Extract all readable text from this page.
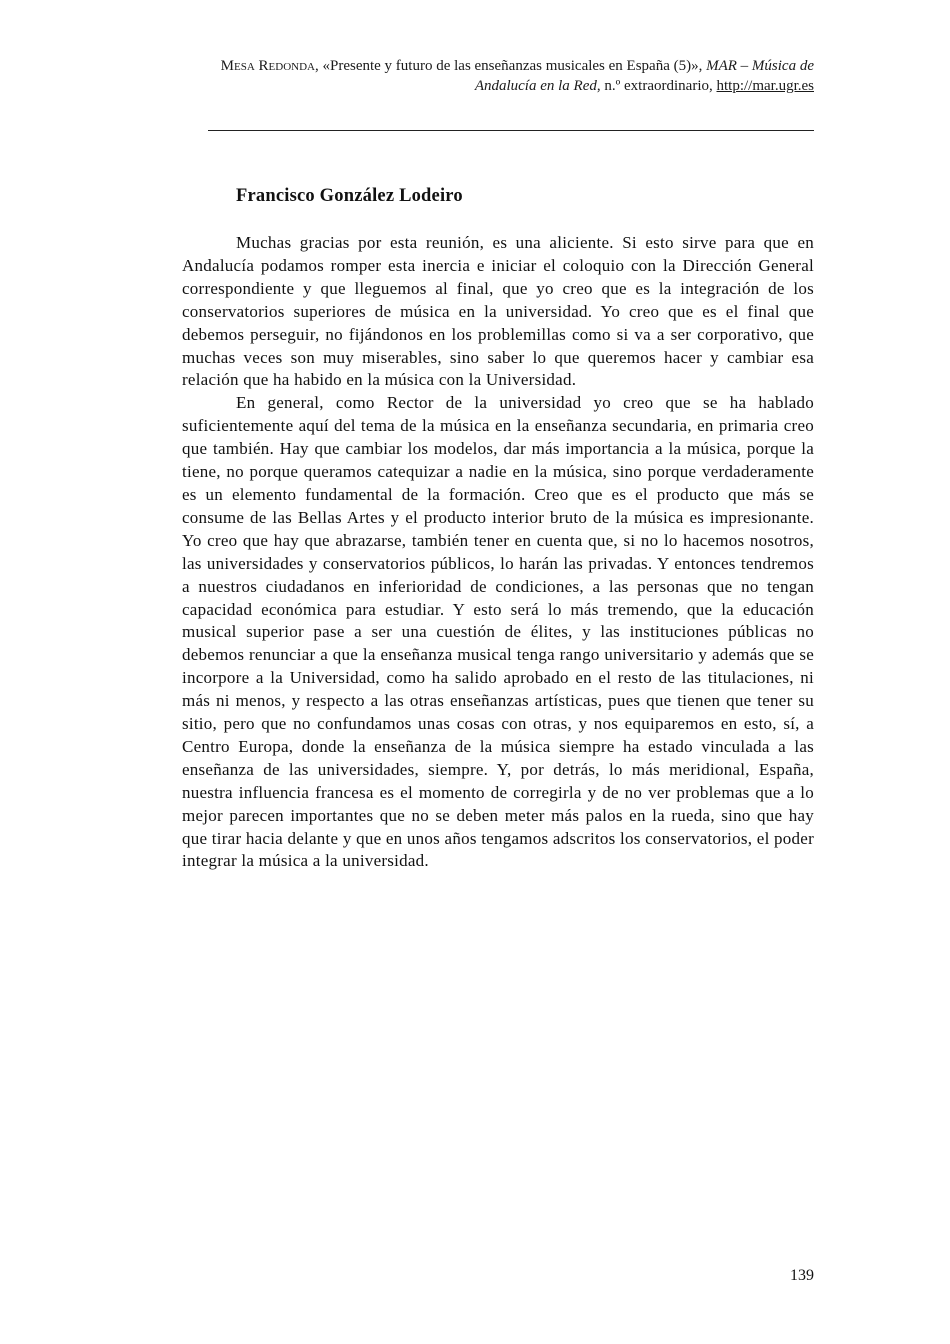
Mesa Redonda, «Presente y futuro de las enseñanzas musicales en España (5)», MAR – Música de Andalucía en la Red, n.º extraordinario, http://mar.ugr.es
Francisco González Lodeiro

Muchas gracias por esta reunión, es una aliciente. Si esto sirve para que en Andalucía podamos romper esta inercia e iniciar el coloquio con la Dirección General correspondiente y que lleguemos al final, que yo creo que es la integración de los conservatorios superiores de música en la universidad. Yo creo que es el final que debemos perseguir, no fijándonos en los problemillas como si va a ser corporativo, que muchas veces son muy miserables, sino saber lo que queremos hacer y cambiar esa relación que ha habido en la música con la Universidad.

En general, como Rector de la universidad yo creo que se ha hablado suficientemente aquí del tema de la música en la enseñanza secundaria, en primaria creo que también. Hay que cambiar los modelos, dar más importancia a la música, porque la tiene, no porque queramos catequizar a nadie en la música, sino porque verdaderamente es un elemento fundamental de la formación. Creo que es el producto que más se consume de las Bellas Artes y el producto interior bruto de la música es impresionante. Yo creo que hay que abrazarse, también tener en cuenta que, si no lo hacemos nosotros, las universidades y conservatorios públicos, lo harán las privadas. Y entonces tendremos a nuestros ciudadanos en inferioridad de condiciones, a las personas que no tengan capacidad económica para estudiar. Y esto será lo más tremendo, que la educación musical superior pase a ser una cuestión de élites, y las instituciones públicas no debemos renunciar a que la enseñanza musical tenga rango universitario y además que se incorpore a la Universidad, como ha salido aprobado en el resto de las titulaciones, ni más ni menos, y respecto a las otras enseñanzas artísticas, pues que tienen que tener su sitio, pero que no confundamos unas cosas con otras, y nos equiparemos en esto, sí, a Centro Europa, donde la enseñanza de la música siempre ha estado vinculada a las enseñanza de las universidades, siempre. Y, por detrás, lo más meridional, España, nuestra influencia francesa es el momento de corregirla y de no ver problemas que a lo mejor parecen importantes que no se deben meter más palos en la rueda, sino que hay que tirar hacia delante y que en unos años tengamos adscritos los conservatorios, el poder integrar la música a la universidad.

139
